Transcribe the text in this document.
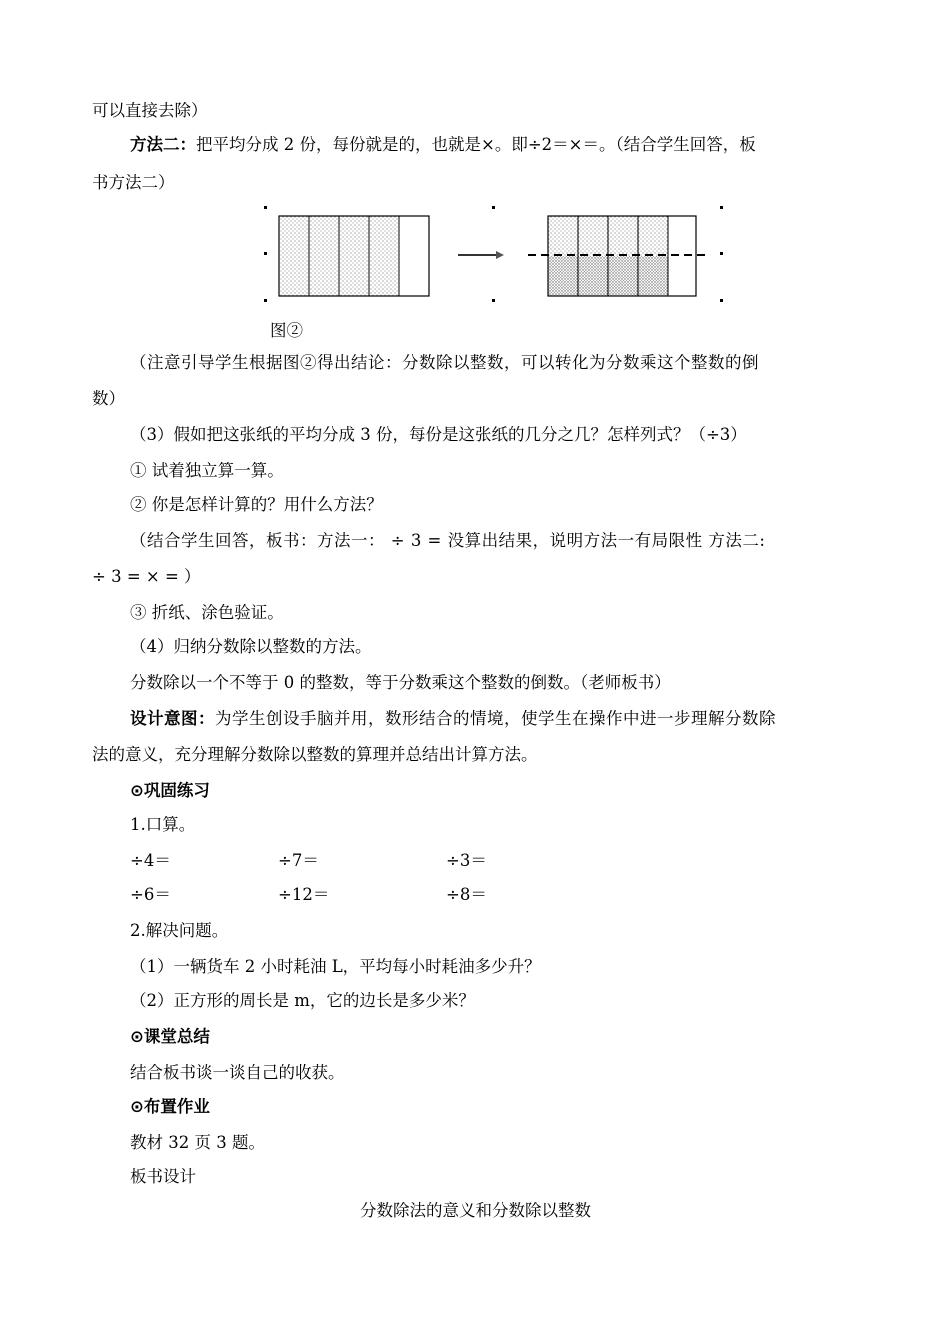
可以直接去除）
方法二：把平均分成 2 份，每份就是的，也就是×。即÷2＝×＝。（结合学生回答，板
书方法二）
图②
（注意引导学生根据图②得出结论：分数除以整数，可以转化为分数乘这个整数的倒
数）
（3）假如把这张纸的平均分成 3 份，每份是这张纸的几分之几？怎样列式？（÷3）
① 试着独立算一算。
② 你是怎样计算的？用什么方法？
（结合学生回答，板书：方法一： ÷ 3 = 没算出结果，说明方法一有局限性 方法二:
÷ 3 = × = ）
③ 折纸、涂色验证。
（4）归纳分数除以整数的方法。
分数除以一个不等于 0 的整数，等于分数乘这个整数的倒数。（老师板书）
设计意图：为学生创设手脑并用，数形结合的情境，使学生在操作中进一步理解分数除
法的意义，充分理解分数除以整数的算理并总结出计算方法。
⊙巩固练习
1.口算。
÷4＝	÷7＝	÷3＝
÷6＝	÷12＝	÷8＝
2.解决问题。
（1）一辆货车 2 小时耗油 L，平均每小时耗油多少升？
（2）正方形的周长是 m，它的边长是多少米？
⊙课堂总结
结合板书谈一谈自己的收获。
⊙布置作业
教材 32 页 3 题。
板书设计
分数除法的意义和分数除以整数
